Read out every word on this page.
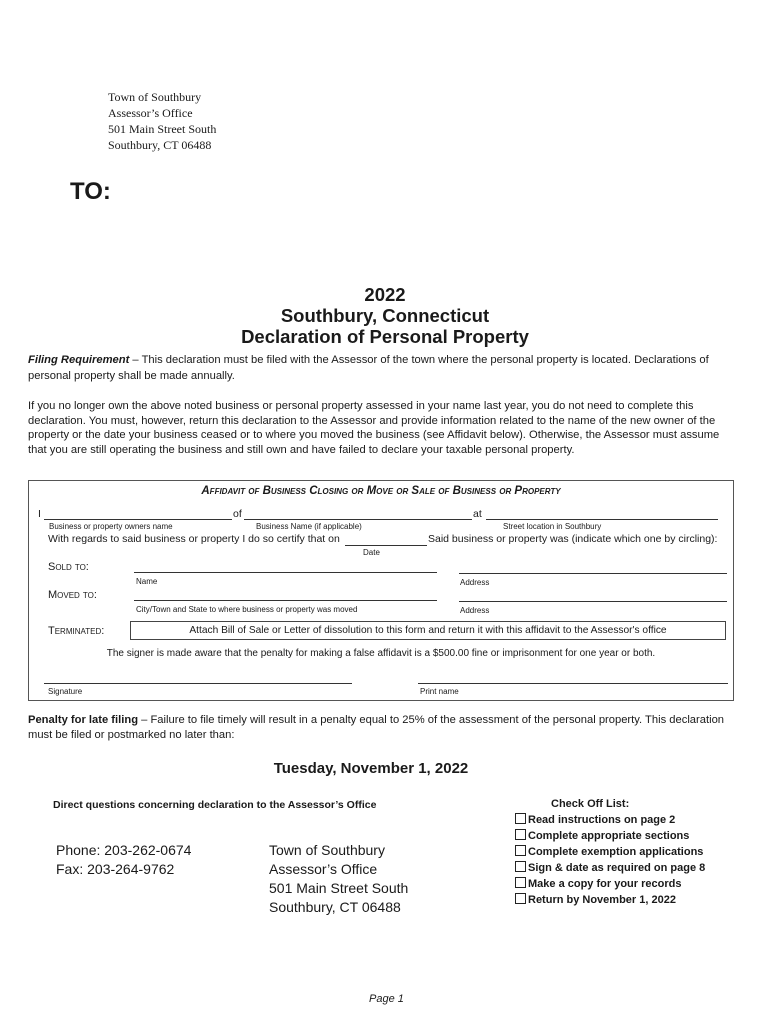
Town of Southbury
Assessor’s Office
501 Main Street South
Southbury, CT 06488
TO:
2022
Southbury, Connecticut
Declaration of Personal Property
Filing Requirement – This declaration must be filed with the Assessor of the town where the personal property is located. Declarations of personal property shall be made annually.
If you no longer own the above noted business or personal property assessed in your name last year, you do not need to complete this declaration. You must, however, return this declaration to the Assessor and provide information related to the name of the new owner of the property or the date your business ceased or to where you moved the business (see Affidavit below). Otherwise, the Assessor must assume that you are still operating the business and still own and have failed to declare your taxable personal property.
Affidavit of Business Closing or Move or Sale of Business or Property
I	of	at
Business or property owners name	Business Name (if applicable)	Street location in Southbury
With regards to said business or property I do so certify that on	Said business or property was (indicate which one by circling):
Date
Sold to:
Name	Address
Moved to:
City/Town and State to where business or property was moved	Address
Terminated:	Attach Bill of Sale or Letter of dissolution to this form and return it with this affidavit to the Assessor's office
The signer is made aware that the penalty for making a false affidavit is a $500.00 fine or imprisonment for one year or both.
Signature	Print name
Penalty for late filing – Failure to file timely will result in a penalty equal to 25% of the assessment of the personal property. This declaration must be filed or postmarked no later than:
Tuesday, November 1, 2022
Direct questions concerning declaration to the Assessor’s Office
Phone: 203-262-0674
Fax: 203-264-9762
Town of Southbury
Assessor’s Office
501 Main Street South
Southbury, CT 06488
Check Off List:
Read instructions on page 2
Complete appropriate sections
Complete exemption applications
Sign & date as required on page 8
Make a copy for your records
Return by November 1, 2022
Page 1
